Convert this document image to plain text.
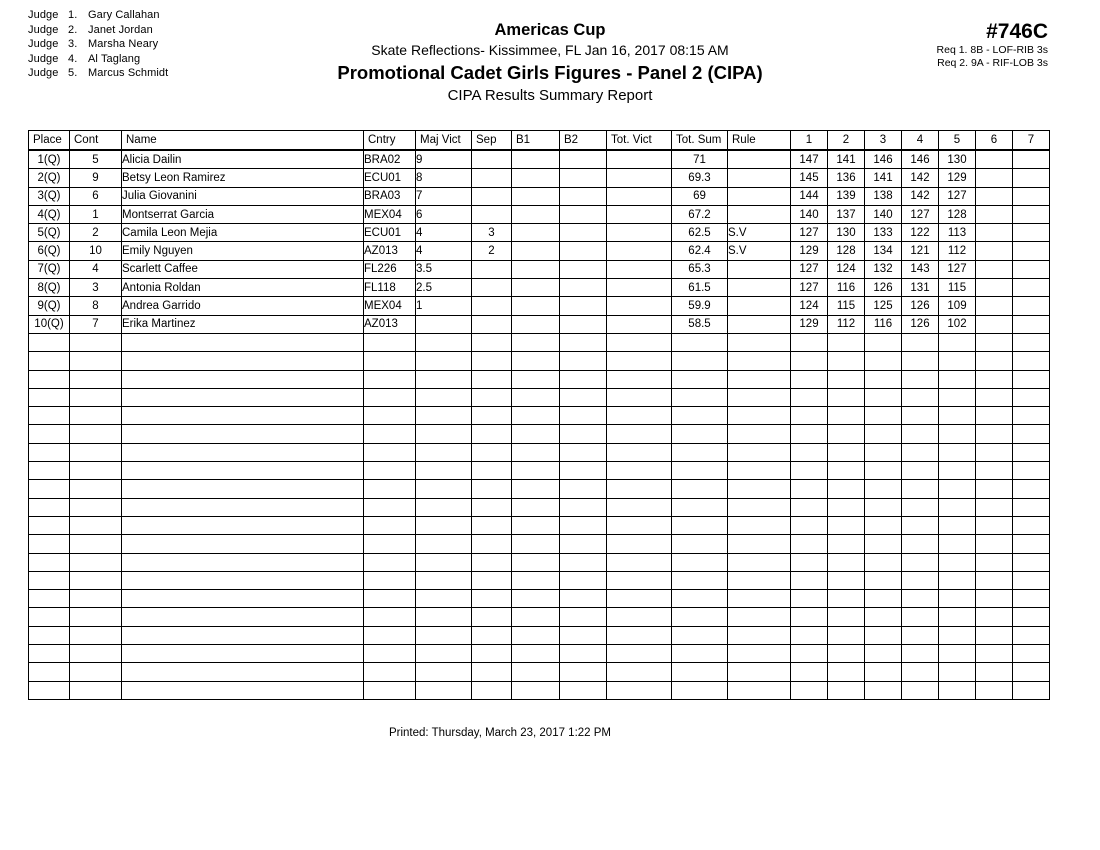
Judge 1. Gary Callahan
Judge 2. Janet Jordan
Judge 3. Marsha Neary
Judge 4. Al Taglang
Judge 5. Marcus Schmidt
Americas Cup
Skate Reflections- Kissimmee, FL Jan 16, 2017 08:15 AM
Promotional Cadet Girls Figures - Panel 2 (CIPA)
CIPA Results Summary Report
#746C
Req 1. 8B - LOF-RIB 3s
Req 2. 9A - RIF-LOB 3s
Place	Cont	Name	Cntry	Maj Vict	Sep	B1	B2	Tot. Vict	Tot. Sum	Rule	1	2	3	4	5	6	7
1(Q)	5	Alicia Dailin	BRA02	9					71		147	141	146	146	130		
2(Q)	9	Betsy Leon Ramirez	ECU01	8					69.3		145	136	141	142	129		
3(Q)	6	Julia Giovanini	BRA03	7					69		144	139	138	142	127		
4(Q)	1	Montserrat Garcia	MEX04	6					67.2		140	137	140	127	128		
5(Q)	2	Camila Leon Mejia	ECU01	4	3				62.5	S.V	127	130	133	122	113		
6(Q)	10	Emily Nguyen	AZ013	4	2				62.4	S.V	129	128	134	121	112		
7(Q)	4	Scarlett Caffee	FL226	3.5					65.3		127	124	132	143	127		
8(Q)	3	Antonia Roldan	FL118	2.5					61.5		127	116	126	131	115		
9(Q)	8	Andrea Garrido	MEX04	1					59.9		124	115	125	126	109		
10(Q)	7	Erika Martinez	AZ013						58.5		129	112	116	126	102		

Printed: Thursday, March 23, 2017 1:22 PM
